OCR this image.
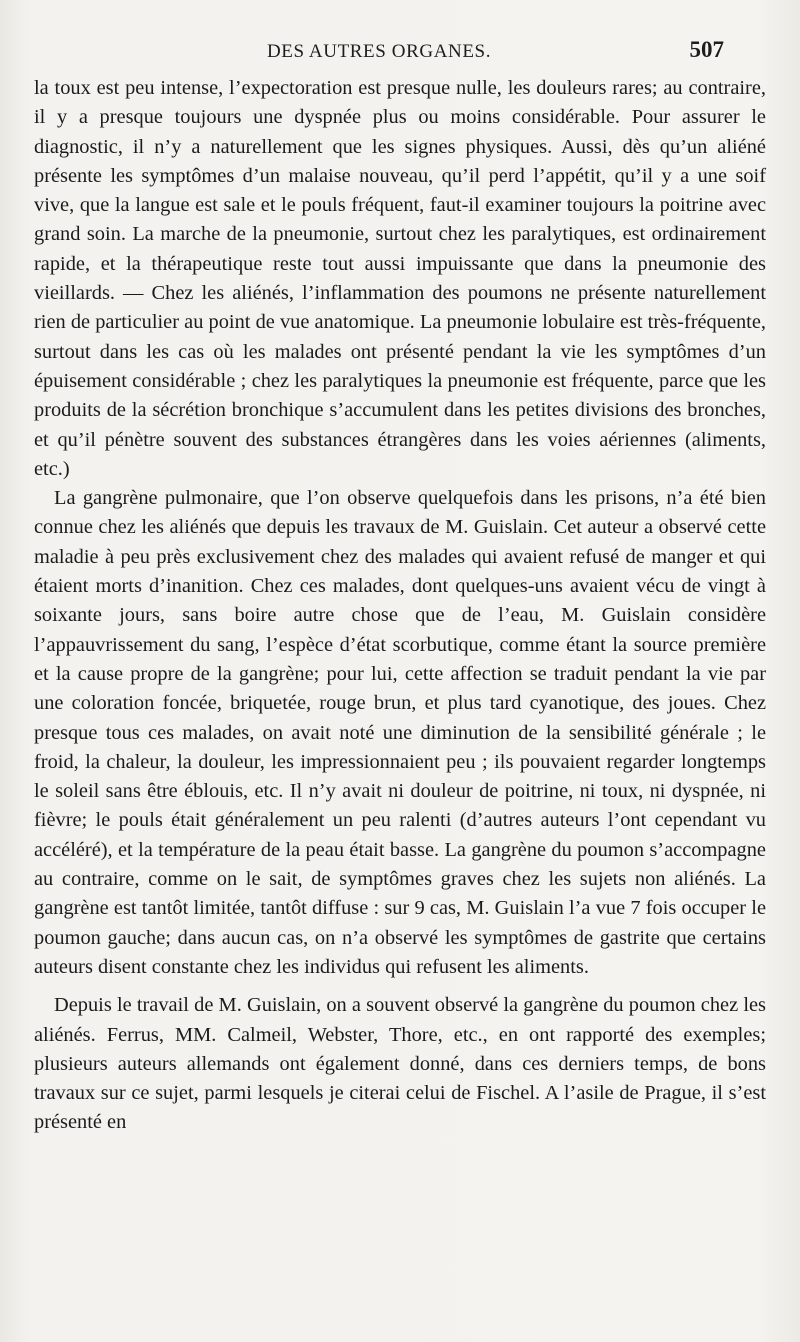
DES AUTRES ORGANES.	507

la toux est peu intense, l’expectoration est presque nulle, les douleurs rares; au contraire, il y a presque toujours une dyspnée plus ou moins considérable. Pour assurer le diagnostic, il n’y a naturellement que les signes physiques. Aussi, dès qu’un aliéné présente les symptômes d’un malaise nouveau, qu’il perd l’appétit, qu’il y a une soif vive, que la langue est sale et le pouls fréquent, faut-il examiner toujours la poitrine avec grand soin. La marche de la pneumonie, surtout chez les paralytiques, est ordinairement rapide, et la thérapeutique reste tout aussi impuissante que dans la pneumonie des vieillards. — Chez les aliénés, l’inflammation des poumons ne présente naturellement rien de particulier au point de vue anatomique. La pneumonie lobulaire est très-fréquente, surtout dans les cas où les malades ont présenté pendant la vie les symptômes d’un épuisement considérable ; chez les paralytiques la pneumonie est fréquente, parce que les produits de la sécrétion bronchique s’accumulent dans les petites divisions des bronches, et qu’il pénètre souvent des substances étrangères dans les voies aériennes (aliments, etc.)

La gangrène pulmonaire, que l’on observe quelquefois dans les prisons, n’a été bien connue chez les aliénés que depuis les travaux de M. Guislain. Cet auteur a observé cette maladie à peu près exclusivement chez des malades qui avaient refusé de manger et qui étaient morts d’inanition. Chez ces malades, dont quelques-uns avaient vécu de vingt à soixante jours, sans boire autre chose que de l’eau, M. Guislain considère l’appauvrissement du sang, l’espèce d’état scorbutique, comme étant la source première et la cause propre de la gangrène; pour lui, cette affection se traduit pendant la vie par une coloration foncée, briquetée, rouge brun, et plus tard cyanotique, des joues. Chez presque tous ces malades, on avait noté une diminution de la sensibilité générale ; le froid, la chaleur, la douleur, les impressionnaient peu ; ils pouvaient regarder longtemps le soleil sans être éblouis, etc. Il n’y avait ni douleur de poitrine, ni toux, ni dyspnée, ni fièvre; le pouls était généralement un peu ralenti (d’autres auteurs l’ont cependant vu accéléré), et la température de la peau était basse. La gangrène du poumon s’accompagne au contraire, comme on le sait, de symptômes graves chez les sujets non aliénés. La gangrène est tantôt limitée, tantôt diffuse : sur 9 cas, M. Guislain l’a vue 7 fois occuper le poumon gauche; dans aucun cas, on n’a observé les symptômes de gastrite que certains auteurs disent constante chez les individus qui refusent les aliments.

Depuis le travail de M. Guislain, on a souvent observé la gangrène du poumon chez les aliénés. Ferrus, MM. Calmeil, Webster, Thore, etc., en ont rapporté des exemples; plusieurs auteurs allemands ont également donné, dans ces derniers temps, de bons travaux sur ce sujet, parmi lesquels je citerai celui de Fischel. A l’asile de Prague, il s’est présenté en
